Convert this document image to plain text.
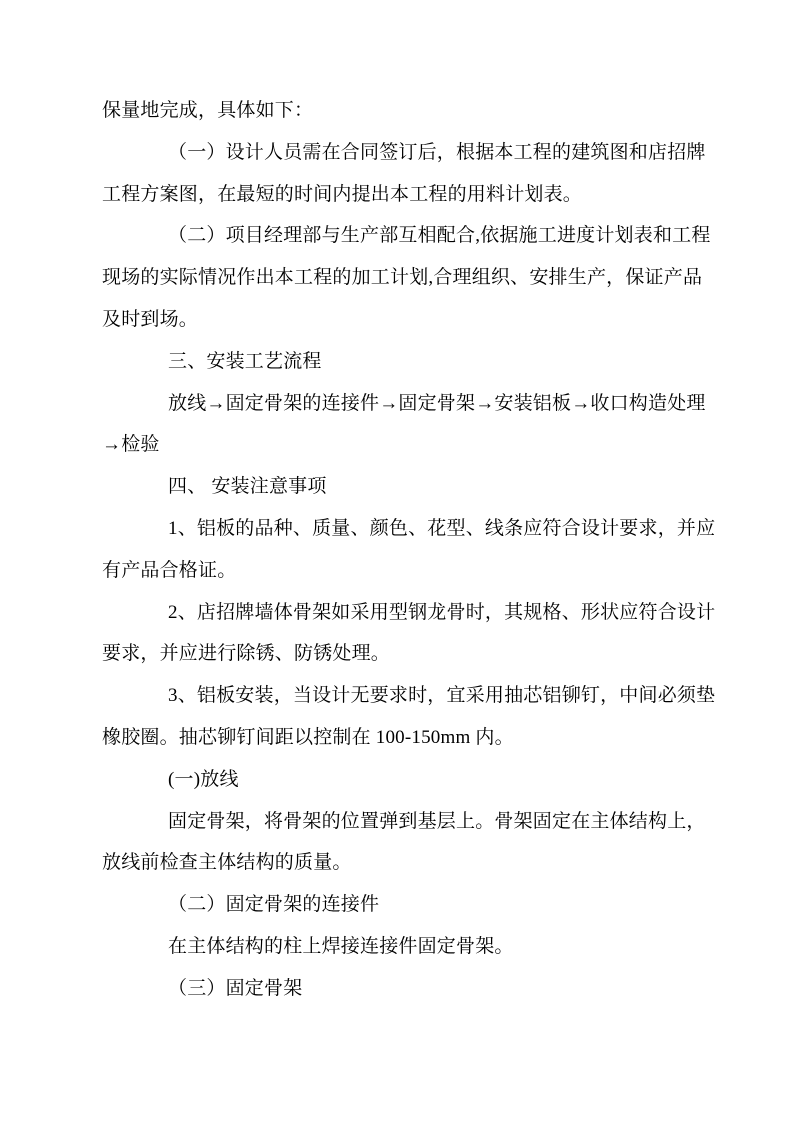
保量地完成，具体如下：
（一）设计人员需在合同签订后，根据本工程的建筑图和店招牌
工程方案图，在最短的时间内提出本工程的用料计划表。
（二）项目经理部与生产部互相配合,依据施工进度计划表和工程
现场的实际情况作出本工程的加工计划,合理组织、安排生产，保证产品
及时到场。
三、安装工艺流程
放线→固定骨架的连接件→固定骨架→安装铝板→收口构造处理
→检验
四、 安装注意事项
1、铝板的品种、质量、颜色、花型、线条应符合设计要求，并应
有产品合格证。
2、店招牌墙体骨架如采用型钢龙骨时，其规格、形状应符合设计
要求，并应进行除锈、防锈处理。
3、铝板安装，当设计无要求时，宜采用抽芯铝铆钉，中间必须垫
橡胶圈。抽芯铆钉间距以控制在 100-150mm 内。
(一)放线
固定骨架，将骨架的位置弹到基层上。骨架固定在主体结构上，
放线前检查主体结构的质量。
（二）固定骨架的连接件
在主体结构的柱上焊接连接件固定骨架。
（三）固定骨架
